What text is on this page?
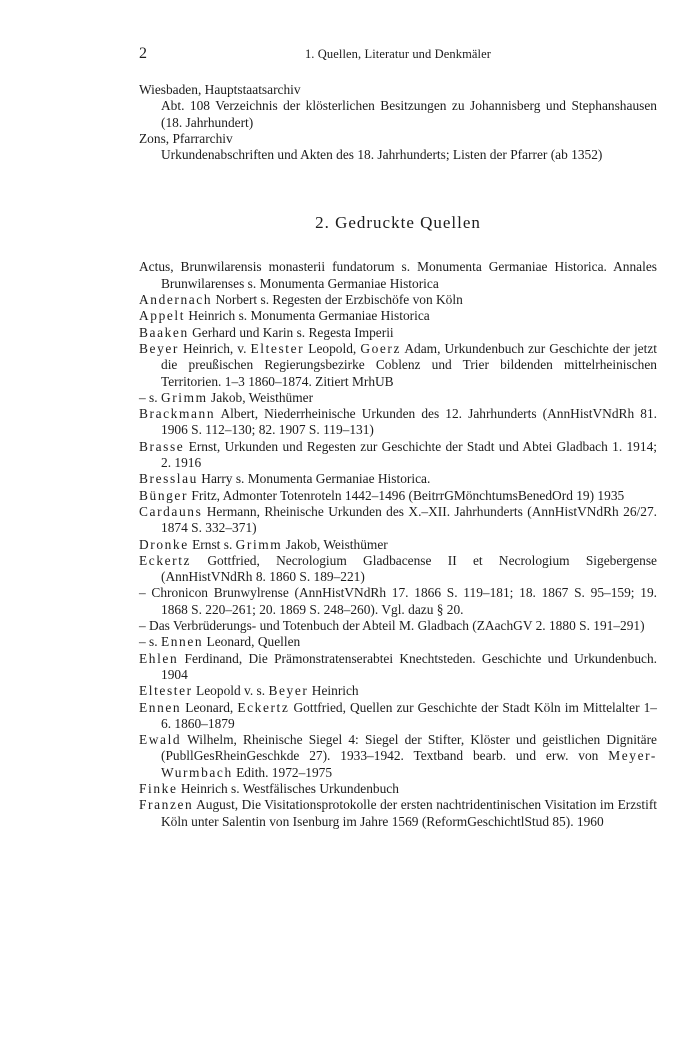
2	1. Quellen, Literatur und Denkmäler

Wiesbaden, Hauptstaatsarchiv

Abt. 108 Verzeichnis der klösterlichen Besitzungen zu Johannisberg und Stephanshausen (18. Jahrhundert)

Zons, Pfarrarchiv

Urkundenabschriften und Akten des 18. Jahrhunderts; Listen der Pfarrer (ab 1352)

2. Gedruckte Quellen

Actus, Brunwilarensis monasterii fundatorum s. Monumenta Germaniae Historica. Annales Brunwilarenses s. Monumenta Germaniae Historica

Andernach Norbert s. Regesten der Erzbischöfe von Köln

Appelt Heinrich s. Monumenta Germaniae Historica

Baaken Gerhard und Karin s. Regesta Imperii

Beyer Heinrich, v. Eltester Leopold, Goerz Adam, Urkundenbuch zur Geschichte der jetzt die preußischen Regierungsbezirke Coblenz und Trier bildenden mittelrheinischen Territorien. 1–3 1860–1874. Zitiert MrhUB

– s. Grimm Jakob, Weisthümer

Brackmann Albert, Niederrheinische Urkunden des 12. Jahrhunderts (AnnHistVNdRh 81. 1906 S. 112–130; 82. 1907 S. 119–131)

Brasse Ernst, Urkunden und Regesten zur Geschichte der Stadt und Abtei Gladbach 1. 1914; 2. 1916

Bresslau Harry s. Monumenta Germaniae Historica.

Bünger Fritz, Admonter Totenroteln 1442–1496 (BeitrrGMönchtumsBenedOrd 19) 1935

Cardauns Hermann, Rheinische Urkunden des X.–XII. Jahrhunderts (AnnHistVNdRh 26/27. 1874 S. 332–371)

Dronke Ernst s. Grimm Jakob, Weisthümer

Eckertz Gottfried, Necrologium Gladbacense II et Necrologium Sigebergense (AnnHistVNdRh 8. 1860 S. 189–221)

– Chronicon Brunwylrense (AnnHistVNdRh 17. 1866 S. 119–181; 18. 1867 S. 95–159; 19. 1868 S. 220–261; 20. 1869 S. 248–260). Vgl. dazu § 20.

– Das Verbrüderungs- und Totenbuch der Abteil M. Gladbach (ZAachGV 2. 1880 S. 191–291)

– s. Ennen Leonard, Quellen

Ehlen Ferdinand, Die Prämonstratenserabtei Knechtsteden. Geschichte und Urkundenbuch. 1904

Eltester Leopold v. s. Beyer Heinrich

Ennen Leonard, Eckertz Gottfried, Quellen zur Geschichte der Stadt Köln im Mittelalter 1–6. 1860–1879

Ewald Wilhelm, Rheinische Siegel 4: Siegel der Stifter, Klöster und geistlichen Dignitäre (PubllGesRheinGeschkde 27). 1933–1942. Textband bearb. und erw. von Meyer-Wurmbach Edith. 1972–1975

Finke Heinrich s. Westfälisches Urkundenbuch

Franzen August, Die Visitationsprotokolle der ersten nachtridentinischen Visitation im Erzstift Köln unter Salentin von Isenburg im Jahre 1569 (ReformGeschichtlStud 85). 1960
